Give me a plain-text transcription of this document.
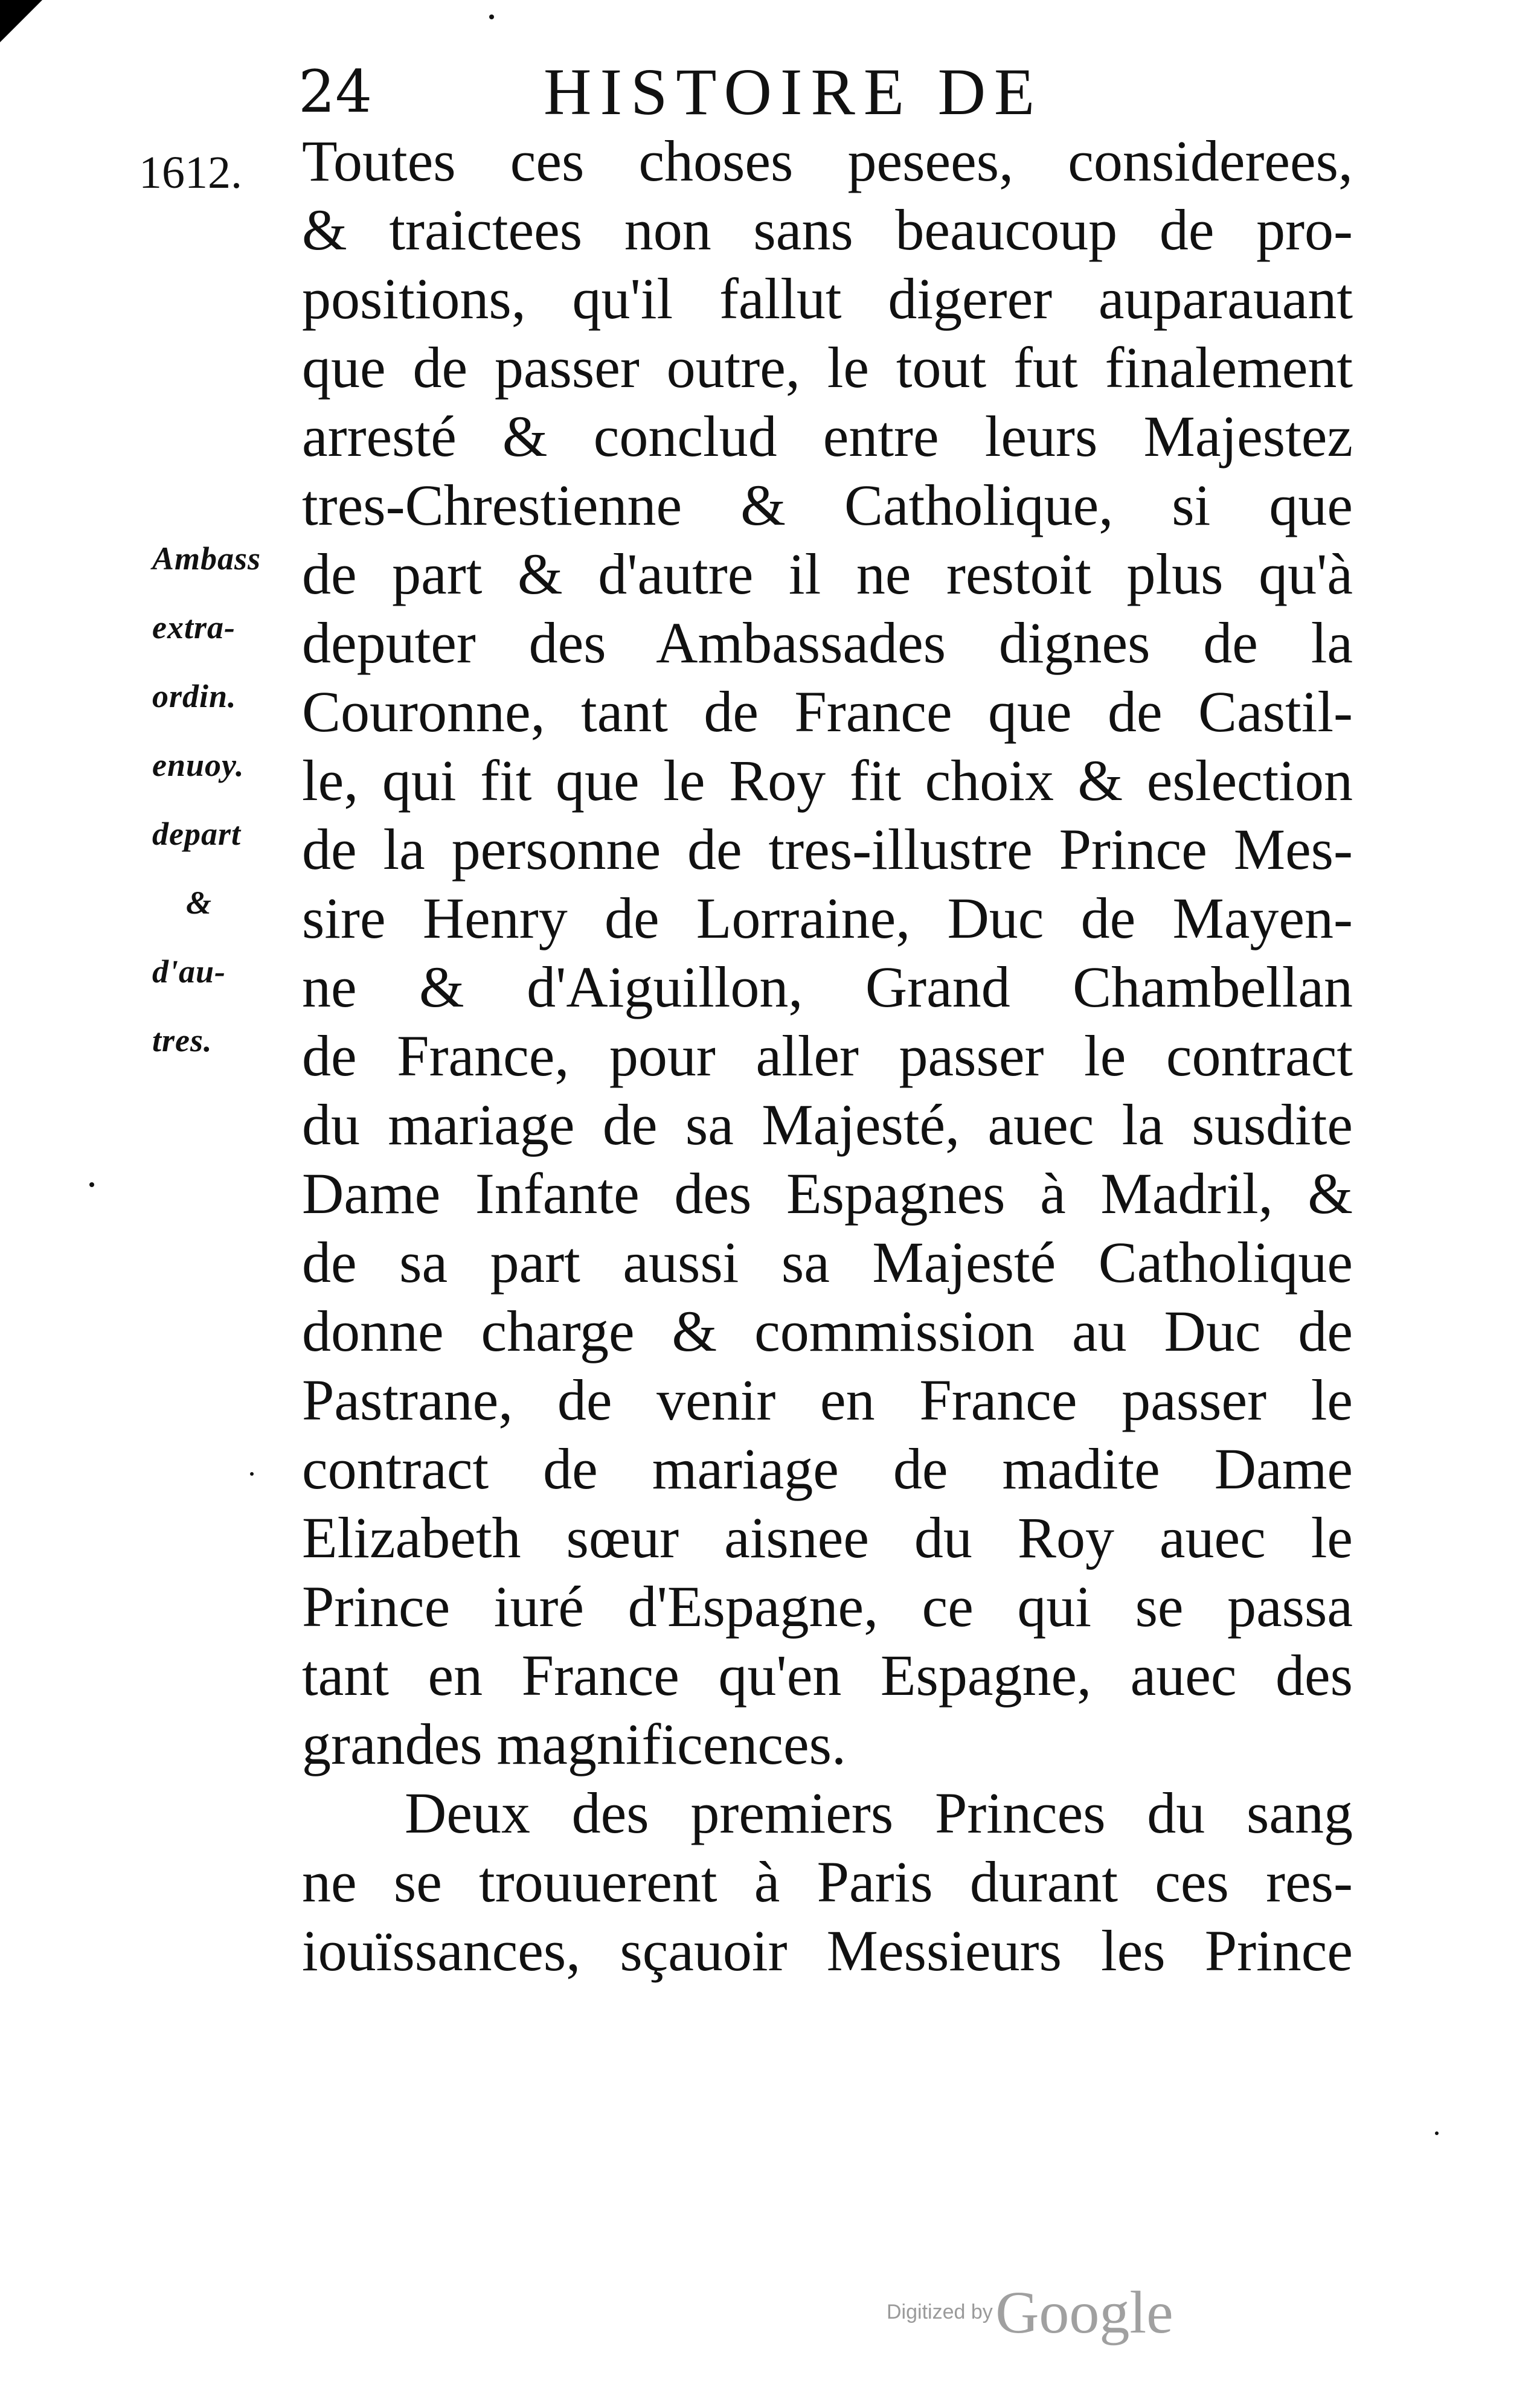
24	HISTOIRE DE
1612.
Ambass
extra-
ordin.
enuoy.
depart
&
d'au-
tres.
Toutes ces choses pesees, considerees,
& traictees non sans beaucoup de pro-
positions, qu'il fallut digerer auparauant
que de passer outre, le tout fut finalement
arresté & conclud entre leurs Majestez
tres-Chrestienne & Catholique, si que
de part & d'autre il ne restoit plus qu'à
deputer des Ambassades dignes de la
Couronne, tant de France que de Castil-
le, qui fit que le Roy fit choix & eslection
de la personne de tres-illustre Prince Mes-
sire Henry de Lorraine, Duc de Mayen-
ne & d'Aiguillon, Grand Chambellan
de France, pour aller passer le contract
du mariage de sa Majesté, auec la susdite
Dame Infante des Espagnes à Madril, &
de sa part aussi sa Majesté Catholique
donne charge & commission au Duc de
Pastrane, de venir en France passer le
contract de mariage de madite Dame
Elizabeth sœur aisnee du Roy auec le
Prince iuré d'Espagne, ce qui se passa
tant en France qu'en Espagne, auec des
grandes magnificences.
Deux des premiers Princes du sang
ne se trouuerent à Paris durant ces res-
iouïssances, sçauoir Messieurs les Prince
Digitized by Google
